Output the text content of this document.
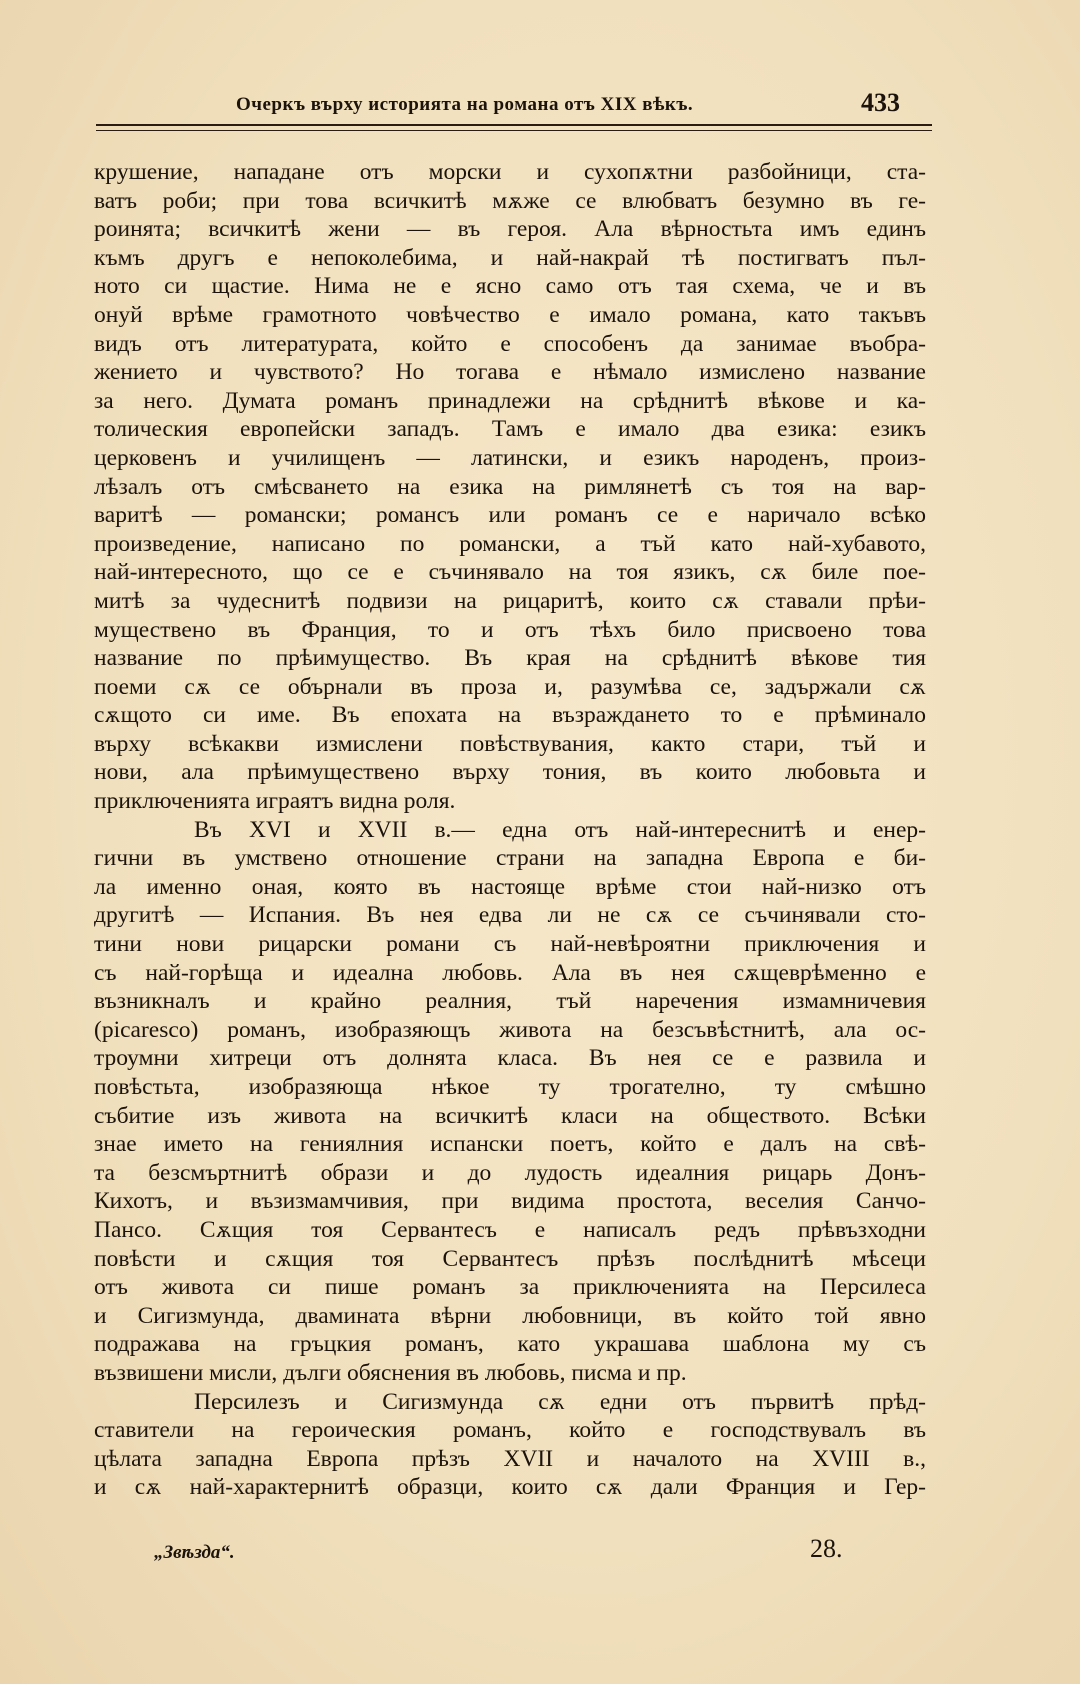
Очеркъ върху историята на романа отъ XIX вѣкъ.	433
крушение, нападане отъ морски и сухопѫтни разбойници, ста-
ватъ роби; при това всичкитѣ мѫже се влюбватъ безумно въ ге-
роинята; всичкитѣ жени — въ героя. Ала вѣрностьта имъ единъ
къмъ другъ е непоколебима, и най-накрай тѣ постигватъ пъл-
ното си щастие. Нима не е ясно само отъ тая схема, че и въ
онуй врѣме грамотното човѣчество е имало романа, като такъвъ
видъ отъ литературата, който е способенъ да занимае въобра-
жението и чувството? Но тогава е нѣмало измислено название
за него. Думата романъ принадлежи на срѣднитѣ вѣкове и ка-
толическия европейски западъ. Тамъ е имало два езика: езикъ
церковенъ и училищенъ — латински, и езикъ народенъ, произ-
лѣзалъ отъ смѣсването на езика на римлянетѣ съ тоя на вар-
варитѣ — романски; романсъ или романъ се е наричало всѣко
произведение, написано по романски, а тъй като най-хубавото,
най-интересното, що се е съчинявало на тоя язикъ, сѫ биле пое-
митѣ за чудеснитѣ подвизи на рицаритѣ, които сѫ ставали прѣи-
муществено въ Франция, то и отъ тѣхъ било присвоено това
название по прѣимущество. Въ края на срѣднитѣ вѣкове тия
поеми сѫ се обърнали въ проза и, разумѣва се, задържали сѫ
сѫщото си име. Въ епохата на възраждането то е прѣминало
върху всѣкакви измислени повѣствувания, както стари, тъй и
нови, ала прѣимуществено върху тония, въ които любовьта и
приключенията играятъ видна роля.
Въ XVI и XVII в.— една отъ най-интереснитѣ и енер-
гични въ умствено отношение страни на западна Европа е би-
ла именно оная, която въ настояще врѣме стои най-низко отъ
другитѣ — Испания. Въ нея едва ли не сѫ се съчинявали сто-
тини нови рицарски романи съ най-невѣроятни приключения и
съ най-горѣща и идеална любовь. Ала въ нея сѫщеврѣменно е
възникналъ и крайно реалния, тъй наречения измамничевия
(picaresco) романъ, изобразяющъ живота на безсъвѣстнитѣ, ала ос-
троумни хитреци отъ долнята класа. Въ нея се е развила и
повѣстьта, изобразяюща нѣкое ту трогателно, ту смѣшно
събитие изъ живота на всичкитѣ класи на обществото. Всѣки
знае името на гениялния испански поетъ, който е далъ на свѣ-
та безсмъртнитѣ образи и до лудость идеалния рицарь Донъ-
Кихотъ, и възизмамчивия, при видима простота, веселия Санчо-
Пансо. Сѫщия тоя Сервантесъ е написалъ редъ прѣвъзходни
повѣсти и сѫщия тоя Сервантесъ прѣзъ послѣднитѣ мѣсеци
отъ живота си пише романъ за приключенията на Персилеса
и Сигизмунда, двамината вѣрни любовници, въ който той явно
подражава на гръцкия романъ, като украшава шаблона му съ
възвишени мисли, дълги обяснения въ любовь, писма и пр.
Персилезъ и Сигизмунда сѫ едни отъ първитѣ прѣд-
ставители на героическия романъ, който е господствувалъ въ
цѣлата западна Европа прѣзъ XVII и началото на XVIII в.,
и сѫ най-характернитѣ образци, които сѫ дали Франция и Гер-
„Звѣзда“.	28.
